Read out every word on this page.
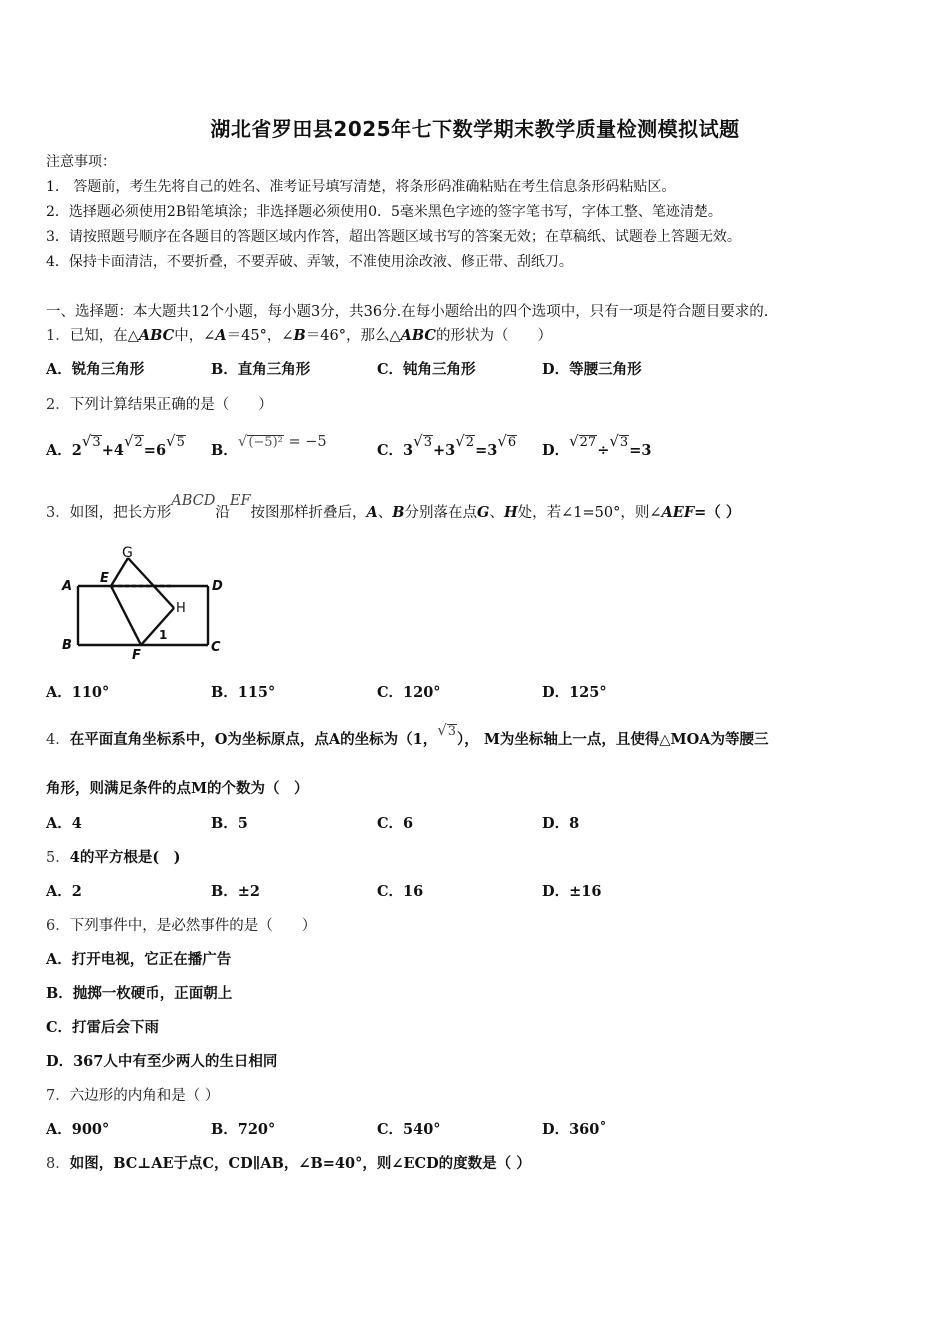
湖北省罗田县2025年七下数学期末教学质量检测模拟试题
注意事项：
1.　答题前，考生先将自己的姓名、准考证号填写清楚，将条形码准确粘贴在考生信息条形码粘贴区。
2．选择题必须使用2B铅笔填涂；非选择题必须使用0．5毫米黑色字迹的签字笔书写，字体工整、笔迹清楚。
3．请按照题号顺序在各题目的答题区域内作答，超出答题区域书写的答案无效；在草稿纸、试题卷上答题无效。
4．保持卡面清洁，不要折叠，不要弄破、弄皱，不准使用涂改液、修正带、刮纸刀。
一、选择题：本大题共12个小题，每小题3分，共36分.在每小题给出的四个选项中，只有一项是符合题目要求的.
1．已知，在△ABC中，∠A＝45°，∠B＝46°，那么△ABC的形状为（　　）
A．锐角三角形	B．直角三角形	C．钝角三角形	D．等腰三角形
2．下列计算结果正确的是（　　）
A．2√3+4√2=6√5 B．√(−5)² = −5	C．3√3+3√2=3√6 D．√27÷√3=3
3．如图，把长方形ABCD沿EF按图那样折叠后，A、B分别落在点G、H处，若∠1=50°，则∠AEF=（ ）
G
A
E
D
H
B
F
1
C
A．110°	B．115°	C．120°	D．125°
4．在平面直角坐标系中，O为坐标原点，点A的坐标为（1，√3）， M为坐标轴上一点，且使得△MOA为等腰三
角形，则满足条件的点M的个数为（　）
A．4	B．5	C．6	D．8
5．4的平方根是(　)
A．2	B．±2	C．16	D．±16
6．下列事件中，是必然事件的是（　　）
A．打开电视，它正在播广告
B．抛掷一枚硬币，正面朝上
C．打雷后会下雨
D．367人中有至少两人的生日相同
7．六边形的内角和是（ ）
A．900°	B．720°	C．540°	D．360˚
8．如图，BC⊥AE于点C，CD∥AB，∠B=40°，则∠ECD的度数是（ ）
